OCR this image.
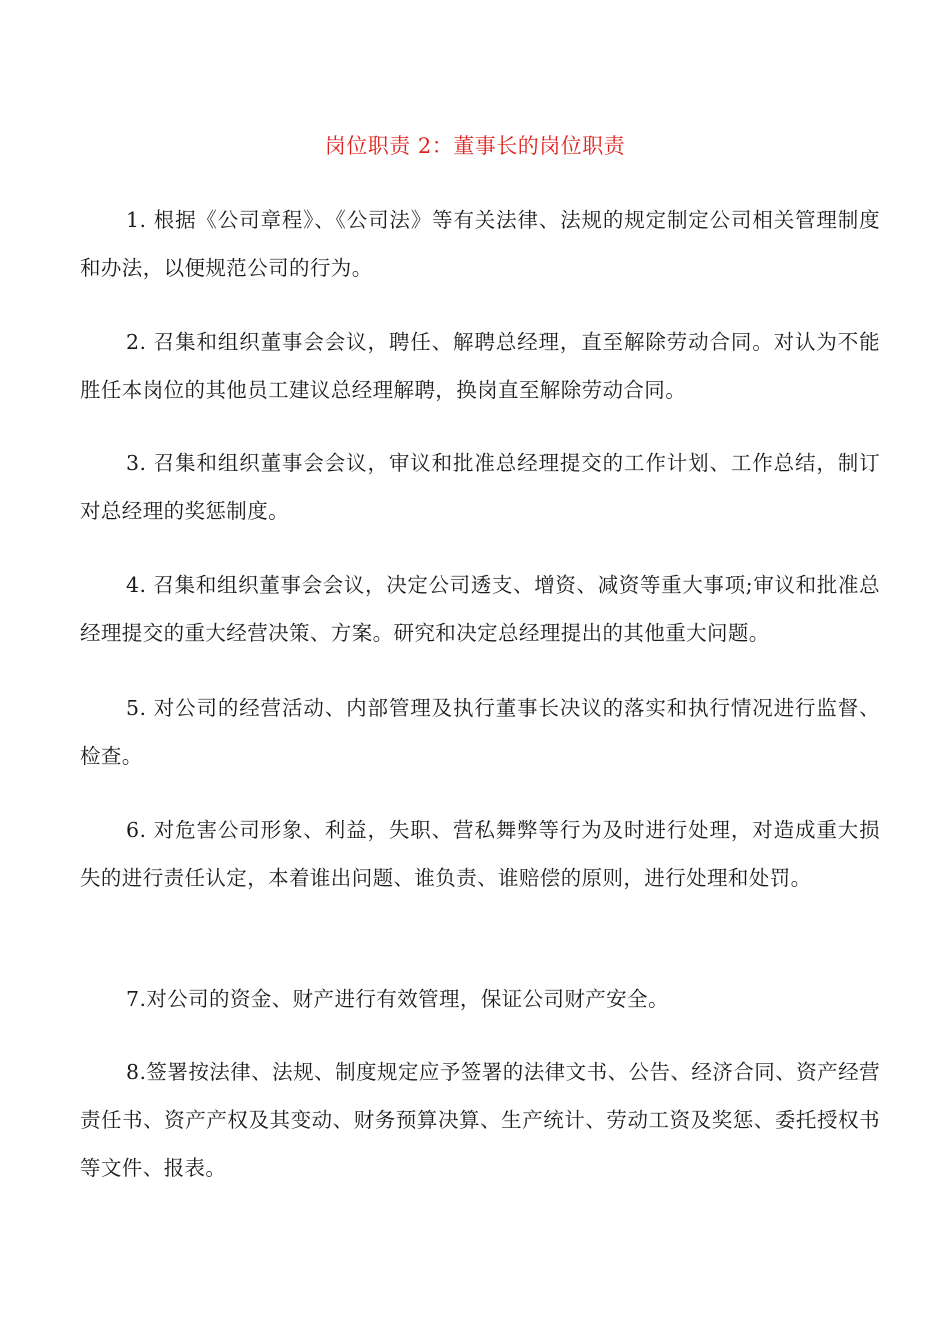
岗位职责 2：董事长的岗位职责

1. 根据《公司章程》、《公司法》等有关法律、法规的规定制定公司相关管理制度和办法，以便规范公司的行为。

2. 召集和组织董事会会议，聘任、解聘总经理，直至解除劳动合同。对认为不能胜任本岗位的其他员工建议总经理解聘，换岗直至解除劳动合同。

3. 召集和组织董事会会议，审议和批准总经理提交的工作计划、工作总结，制订对总经理的奖惩制度。

4. 召集和组织董事会会议，决定公司透支、增资、减资等重大事项;审议和批准总经理提交的重大经营决策、方案。研究和决定总经理提出的其他重大问题。

5. 对公司的经营活动、内部管理及执行董事长决议的落实和执行情况进行监督、检查。

6. 对危害公司形象、利益，失职、营私舞弊等行为及时进行处理，对造成重大损失的进行责任认定，本着谁出问题、谁负责、谁赔偿的原则，进行处理和处罚。

7.对公司的资金、财产进行有效管理，保证公司财产安全。

8.签署按法律、法规、制度规定应予签署的法律文书、公告、经济合同、资产经营责任书、资产产权及其变动、财务预算决算、生产统计、劳动工资及奖惩、委托授权书等文件、报表。
